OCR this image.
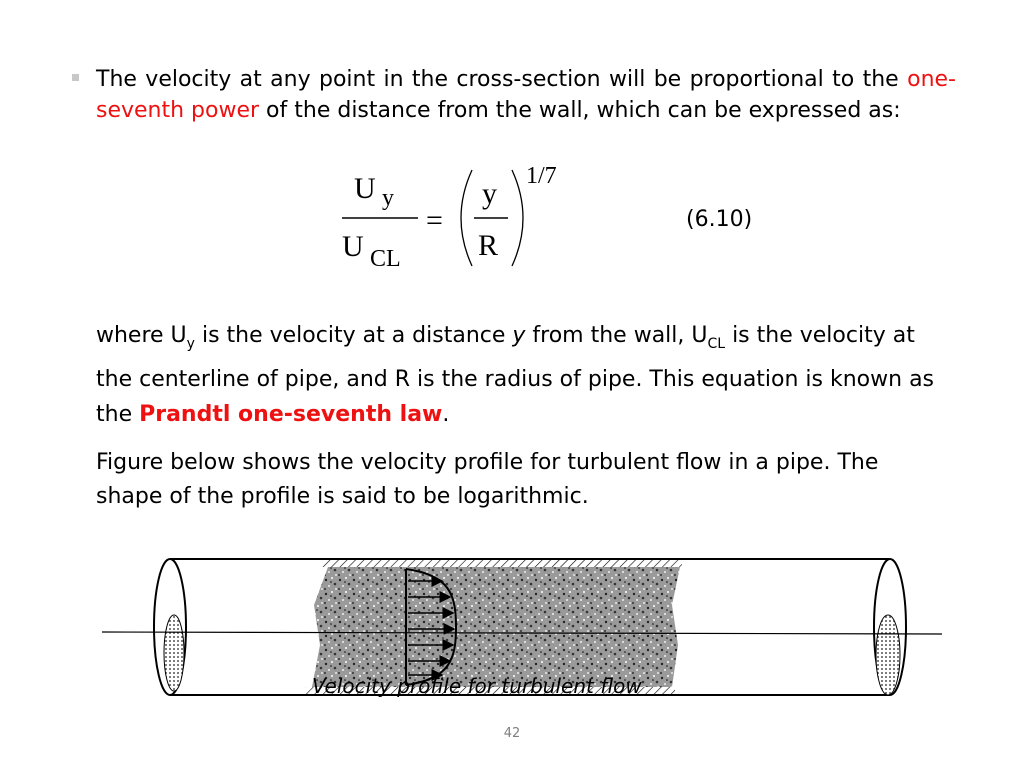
The velocity at any point in the cross-section will be proportional to the one-seventh power of the distance from the wall, which can be expressed as:
U y
U CL
=
y
R
1/7
(6.10)
where $U_y$ is the velocity at a distance y from the wall, $U_{CL}$ is the velocity at the centerline of pipe, and R is the radius of pipe. This equation is known as the Prandtl one-seventh law.
Figure below shows the velocity profile for turbulent flow in a pipe. The shape of the profile is said to be logarithmic.
Velocity profile for turbulent flow
42
